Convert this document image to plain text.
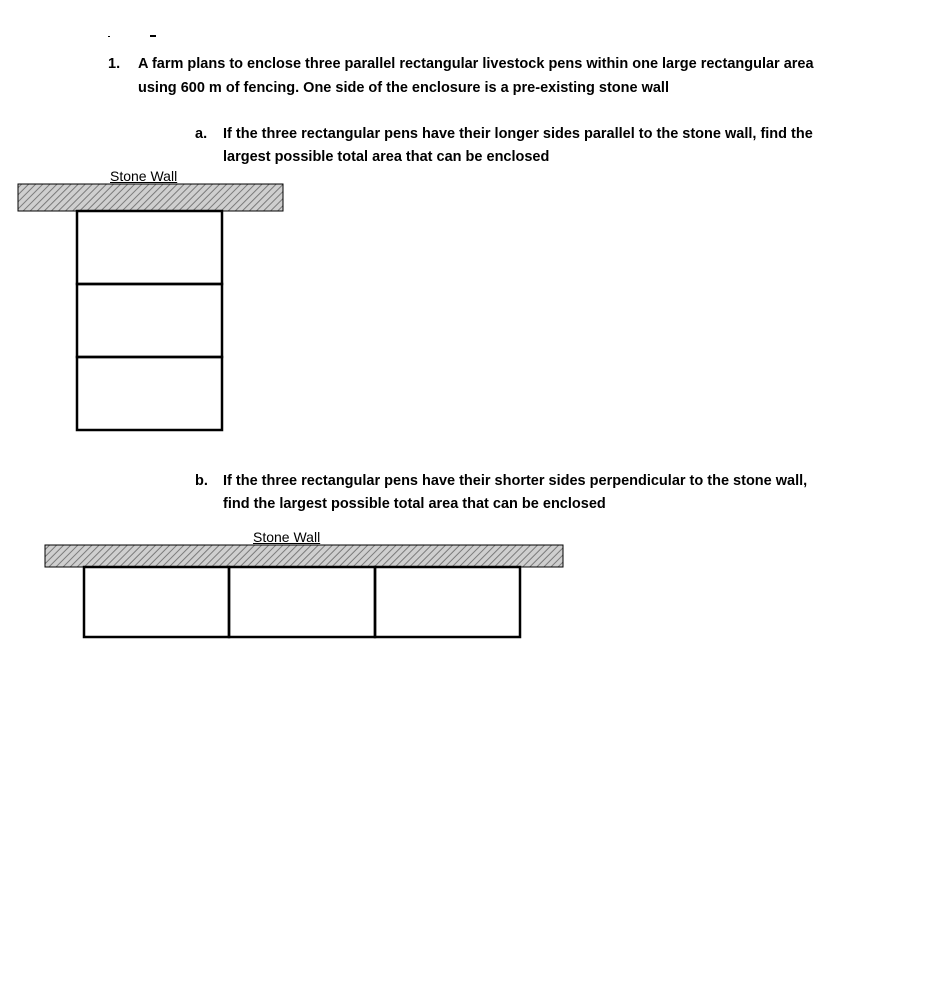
1. A farm plans to enclose three parallel rectangular livestock pens within one large rectangular area
using 600 m of fencing. One side of the enclosure is a pre-existing stone wall
a. If the three rectangular pens have their longer sides parallel to the stone wall, find the
largest possible total area that can be enclosed
Stone Wall
b. If the three rectangular pens have their shorter sides perpendicular to the stone wall,
find the largest possible total area that can be enclosed
Stone Wall
